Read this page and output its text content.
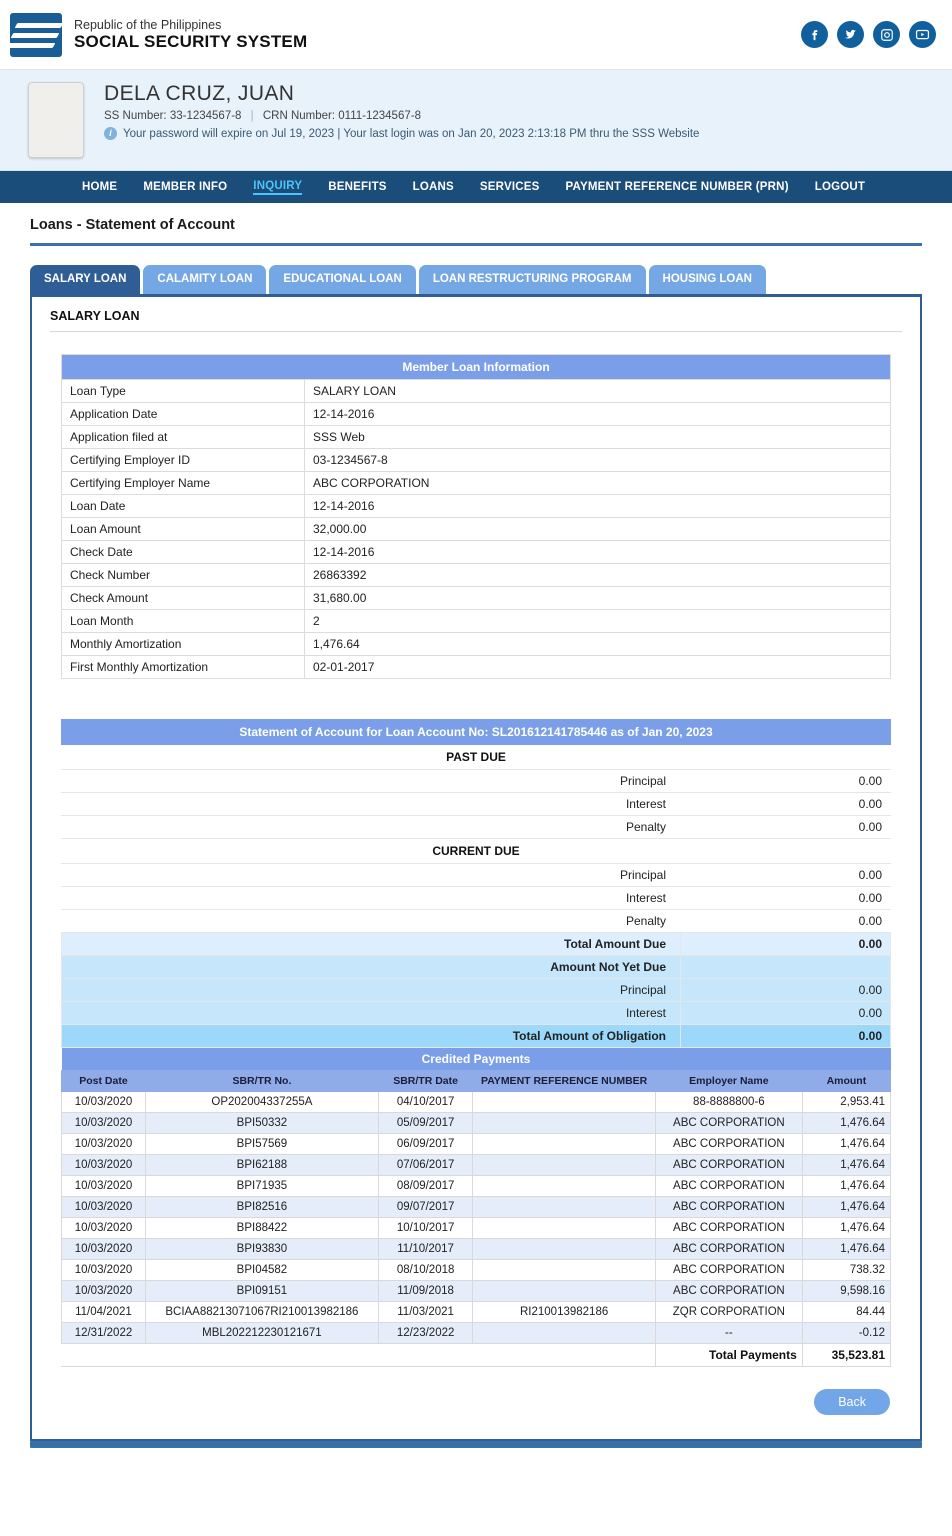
Republic of the Philippines
SOCIAL SECURITY SYSTEM
DELA CRUZ, JUAN
SS Number: 33-1234567-8 | CRN Number: 0111-1234567-8
i Your password will expire on Jul 19, 2023 | Your last login was on Jan 20, 2023 2:13:18 PM thru the SSS Website
HOME MEMBER INFO INQUIRY BENEFITS LOANS SERVICES PAYMENT REFERENCE NUMBER (PRN) LOGOUT
Loans - Statement of Account
SALARY LOAN	CALAMITY LOAN	EDUCATIONAL LOAN	LOAN RESTRUCTURING PROGRAM	HOUSING LOAN
SALARY LOAN
Member Loan Information	
Loan Type	SALARY LOAN
Application Date	12-14-2016
Application filed at	SSS Web
Certifying Employer ID	03-1234567-8
Certifying Employer Name	ABC CORPORATION
Loan Date	12-14-2016
Loan Amount	32,000.00
Check Date	12-14-2016
Check Number	26863392
Check Amount	31,680.00
Loan Month	2
Monthly Amortization	1,476.64
First Monthly Amortization	02-01-2017
Statement of Account for Loan Account No: SL201612141785446 as of Jan 20, 2023	
PAST DUE	
Principal	0.00
Interest	0.00
Penalty	0.00
CURRENT DUE	
Principal	0.00
Interest	0.00
Penalty	0.00
Total Amount Due	0.00
Amount Not Yet Due	
Principal	0.00
Interest	0.00
Total Amount of Obligation	0.00
Credited Payments					
Post Date	SBR/TR No.	SBR/TR Date	PAYMENT REFERENCE NUMBER	Employer Name	Amount
10/03/2020	OP202004337255A	04/10/2017		88-8888800-6	2,953.41
10/03/2020	BPI50332	05/09/2017		ABC CORPORATION	1,476.64
10/03/2020	BPI57569	06/09/2017		ABC CORPORATION	1,476.64
10/03/2020	BPI62188	07/06/2017		ABC CORPORATION	1,476.64
10/03/2020	BPI71935	08/09/2017		ABC CORPORATION	1,476.64
10/03/2020	BPI82516	09/07/2017		ABC CORPORATION	1,476.64
10/03/2020	BPI88422	10/10/2017		ABC CORPORATION	1,476.64
10/03/2020	BPI93830	11/10/2017		ABC CORPORATION	1,476.64
10/03/2020	BPI04582	08/10/2018		ABC CORPORATION	738.32
10/03/2020	BPI09151	11/09/2018		ABC CORPORATION	9,598.16
11/04/2021	BCIAA88213071067RI210013982186	11/03/2021	RI210013982186	ZQR CORPORATION	84.44
12/31/2022	MBL202212230121671	12/23/2022		--	-0.12
				Total Payments	35,523.81
Back
